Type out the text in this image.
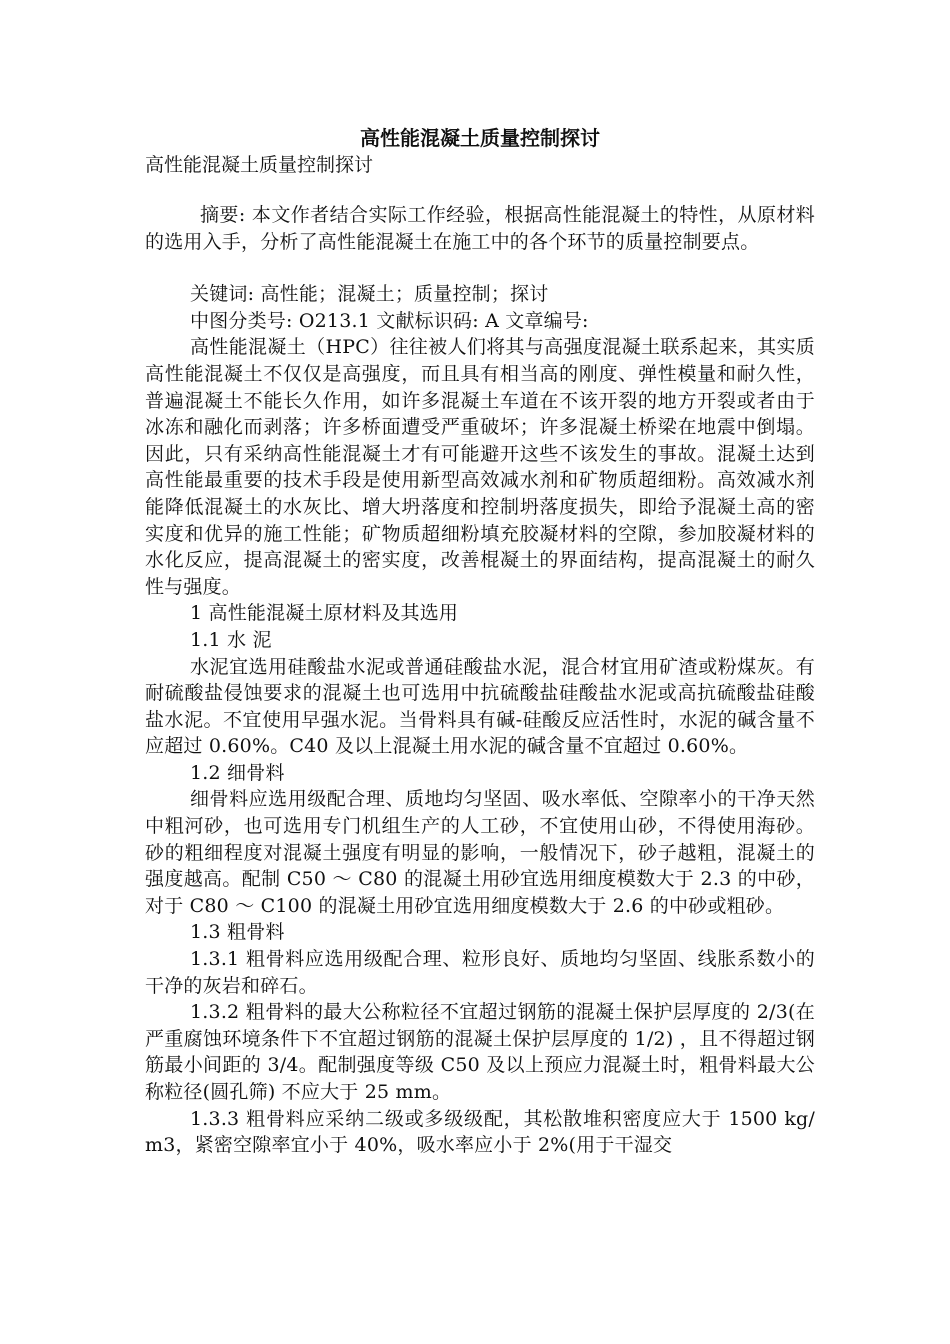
高性能混凝土质量控制探讨
高性能混凝土质量控制探讨

摘要: 本文作者结合实际工作经验，根据高性能混凝土的特性，从原材料的选用入手，分析了高性能混凝土在施工中的各个环节的质量控制要点。

关键词: 高性能；混凝土；质量控制；探讨

中图分类号: O213.1 文献标识码: A 文章编号:

高性能混凝土（HPC）往往被人们将其与高强度混凝土联系起来，其实质高性能混凝土不仅仅是高强度，而且具有相当高的刚度、弹性模量和耐久性，普遍混凝土不能长久作用，如许多混凝土车道在不该开裂的地方开裂或者由于冰冻和融化而剥落；许多桥面遭受严重破坏；许多混凝土桥梁在地震中倒塌。因此，只有采纳高性能混凝土才有可能避开这些不该发生的事故。混凝土达到高性能最重要的技术手段是使用新型高效减水剂和矿物质超细粉。高效减水剂能降低混凝土的水灰比、增大坍落度和控制坍落度损失，即给予混凝土高的密实度和优异的施工性能；矿物质超细粉填充胶凝材料的空隙，参加胶凝材料的水化反应，提高混凝土的密实度，改善棍凝土的界面结构，提高混凝土的耐久性与强度。

1 高性能混凝土原材料及其选用

1.1 水 泥

水泥宜选用硅酸盐水泥或普通硅酸盐水泥，混合材宜用矿渣或粉煤灰。有耐硫酸盐侵蚀要求的混凝土也可选用中抗硫酸盐硅酸盐水泥或高抗硫酸盐硅酸盐水泥。不宜使用早强水泥。当骨料具有碱-硅酸反应活性时，水泥的碱含量不应超过 0.60%。C40 及以上混凝土用水泥的碱含量不宜超过 0.60%。

1.2 细骨料

细骨料应选用级配合理、质地均匀坚固、吸水率低、空隙率小的干净天然中粗河砂，也可选用专门机组生产的人工砂，不宜使用山砂，不得使用海砂。砂的粗细程度对混凝土强度有明显的影响，一般情况下，砂子越粗，混凝土的强度越高。配制 C50 ～ C80 的混凝土用砂宜选用细度模数大于 2.3 的中砂，对于 C80 ～ C100 的混凝土用砂宜选用细度模数大于 2.6 的中砂或粗砂。

1.3 粗骨料

1.3.1 粗骨料应选用级配合理、粒形良好、质地均匀坚固、线胀系数小的干净的灰岩和碎石。

1.3.2 粗骨料的最大公称粒径不宜超过钢筋的混凝土保护层厚度的 2/3(在严重腐蚀环境条件下不宜超过钢筋的混凝土保护层厚度的 1/2) ，且不得超过钢筋最小间距的 3/4。配制强度等级 C50 及以上预应力混凝土时，粗骨料最大公称粒径(圆孔筛) 不应大于 25 mm。

1.3.3 粗骨料应采纳二级或多级级配，其松散堆积密度应大于 1500 kg/m3，紧密空隙率宜小于 40%，吸水率应小于 2%(用于干湿交
